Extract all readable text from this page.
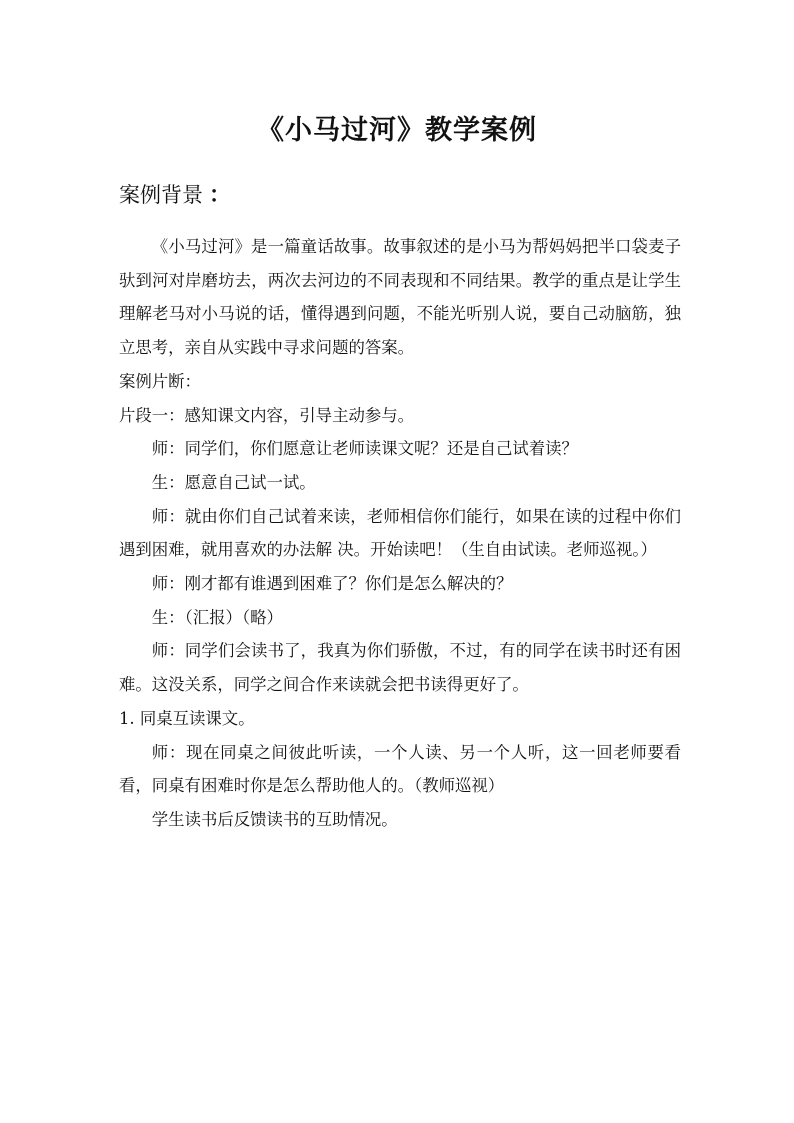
《小马过河》教学案例
案例背景 ：

《小马过河》是一篇童话故事。故事叙述的是小马为帮妈妈把半口袋麦子驮到河对岸磨坊去，两次去河边的不同表现和不同结果。教学的重点是让学生理解老马对小马说的话，懂得遇到问题，不能光听别人说，要自己动脑筋，独立思考，亲自从实践中寻求问题的答案。

案例片断：

片段一：感知课文内容，引导主动参与。

师：同学们，你们愿意让老师读课文呢？还是自己试着读？

生：愿意自己试一试。

师：就由你们自己试着来读，老师相信你们能行，如果在读的过程中你们遇到困难，就用喜欢的办法解 决。开始读吧！（生自由试读。老师巡视。）

师：刚才都有谁遇到困难了？你们是怎么解决的？

生：（汇报）（略）

师：同学们会读书了，我真为你们骄傲，不过，有的同学在读书时还有困难。这没关系，同学之间合作来读就会把书读得更好了。

1. 同桌互读课文。

师：现在同桌之间彼此听读，一个人读、另一个人听，这一回老师要看看，同桌有困难时你是怎么帮助他人的。（教师巡视）

学生读书后反馈读书的互助情况。
